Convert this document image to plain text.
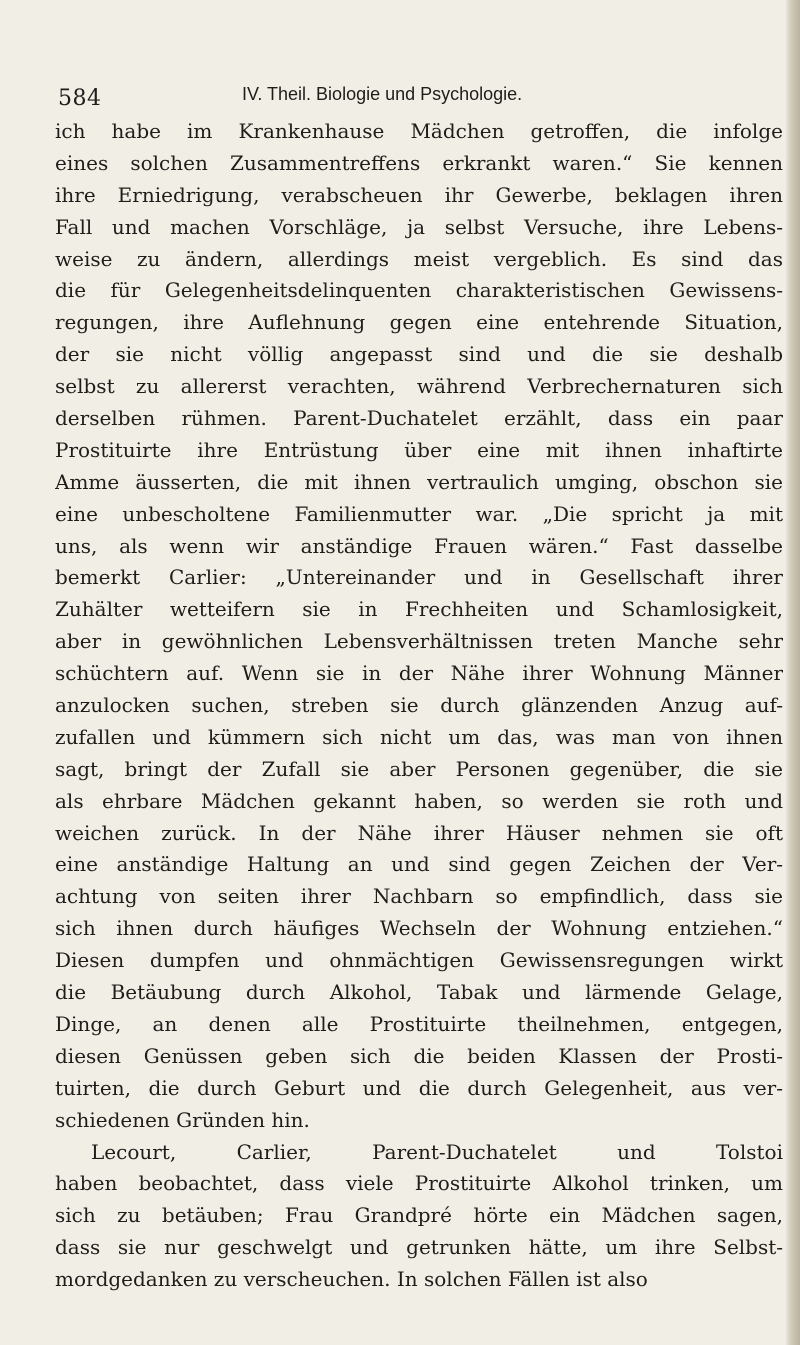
584	IV. Theil. Biologie und Psychologie.
ich habe im Krankenhause Mädchen getroffen, die infolge
eines solchen Zusammentreffens erkrankt waren.“ Sie kennen
ihre Erniedrigung, verabscheuen ihr Gewerbe, beklagen ihren
Fall und machen Vorschläge, ja selbst Versuche, ihre Lebens-
weise zu ändern, allerdings meist vergeblich. Es sind das
die für Gelegenheitsdelinquenten charakteristischen Gewissens-
regungen, ihre Auflehnung gegen eine entehrende Situation,
der sie nicht völlig angepasst sind und die sie deshalb
selbst zu allererst verachten, während Verbrechernaturen sich
derselben rühmen. Parent-Duchatelet erzählt, dass ein paar
Prostituirte ihre Entrüstung über eine mit ihnen inhaftirte
Amme äusserten, die mit ihnen vertraulich umging, obschon sie
eine unbescholtene Familienmutter war. „Die spricht ja mit
uns, als wenn wir anständige Frauen wären.“ Fast dasselbe
bemerkt Carlier: „Untereinander und in Gesellschaft ihrer
Zuhälter wetteifern sie in Frechheiten und Schamlosigkeit,
aber in gewöhnlichen Lebensverhältnissen treten Manche sehr
schüchtern auf. Wenn sie in der Nähe ihrer Wohnung Männer
anzulocken suchen, streben sie durch glänzenden Anzug auf-
zufallen und kümmern sich nicht um das, was man von ihnen
sagt, bringt der Zufall sie aber Personen gegenüber, die sie
als ehrbare Mädchen gekannt haben, so werden sie roth und
weichen zurück. In der Nähe ihrer Häuser nehmen sie oft
eine anständige Haltung an und sind gegen Zeichen der Ver-
achtung von seiten ihrer Nachbarn so empfindlich, dass sie
sich ihnen durch häufiges Wechseln der Wohnung entziehen.“
Diesen dumpfen und ohnmächtigen Gewissensregungen wirkt
die Betäubung durch Alkohol, Tabak und lärmende Gelage,
Dinge, an denen alle Prostituirte theilnehmen, entgegen,
diesen Genüssen geben sich die beiden Klassen der Prosti-
tuirten, die durch Geburt und die durch Gelegenheit, aus ver-
schiedenen Gründen hin.
Lecourt, Carlier, Parent-Duchatelet und Tolstoi
haben beobachtet, dass viele Prostituirte Alkohol trinken, um
sich zu betäuben; Frau Grandpré hörte ein Mädchen sagen,
dass sie nur geschwelgt und getrunken hätte, um ihre Selbst-
mordgedanken zu verscheuchen. In solchen Fällen ist also
